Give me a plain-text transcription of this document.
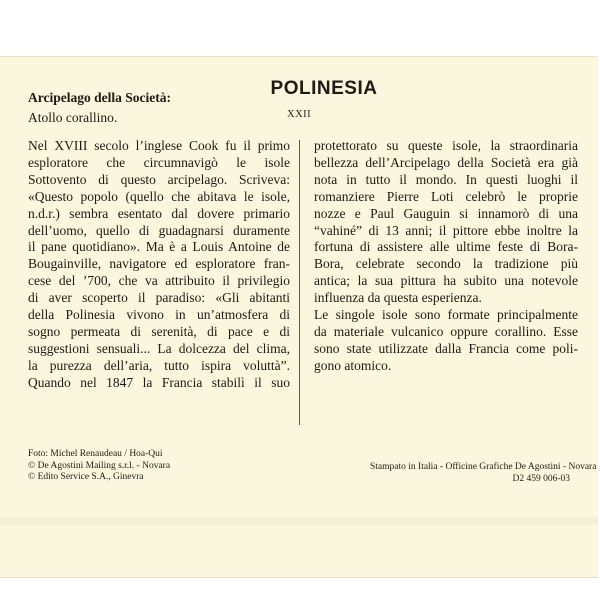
POLINESIA
Arcipelago della Società:
Atollo corallino.	XXII
Nel XVIII secolo l’inglese Cook fu il primo
esploratore che circumnavigò le isole
Sottovento di questo arcipelago. Scriveva:
«Questo popolo (quello che abitava le isole,
n.d.r.) sembra esentato dal dovere primario
dell’uomo, quello di guadagnarsi duramente
il pane quotidiano». Ma è a Louis Antoine de
Bougainville, navigatore ed esploratore fran-
cese del ’700, che va attribuito il privilegio
di aver scoperto il paradiso: «Gli abitanti
della Polinesia vivono in un’atmosfera di
sogno permeata di serenità, di pace e di
suggestioni sensuali... La dolcezza del clima,
la purezza dell’aria, tutto ispira voluttà”.
Quando nel 1847 la Francia stabilì il suo
protettorato su queste isole, la straordinaria
bellezza dell’Arcipelago della Società era già
nota in tutto il mondo. In questi luoghi il
romanziere Pierre Loti celebrò le proprie
nozze e Paul Gauguin si innamorò di una
“vahiné” di 13 anni; il pittore ebbe inoltre la
fortuna di assistere alle ultime feste di Bora-
Bora, celebrate secondo la tradizione più
antica; la sua pittura ha subito una notevole
influenza da questa esperienza.
Le singole isole sono formate principalmente
da materiale vulcanico oppure corallino. Esse
sono state utilizzate dalla Francia come poli-
gono atomico.
Foto: Michel Renaudeau / Hoa-Qui
© De Agostini Mailing s.r.l. - Novara
© Edito Service S.A., Ginevra
Stampato in Italia - Officine Grafiche De Agostini - Novara
D2 459 006-03
